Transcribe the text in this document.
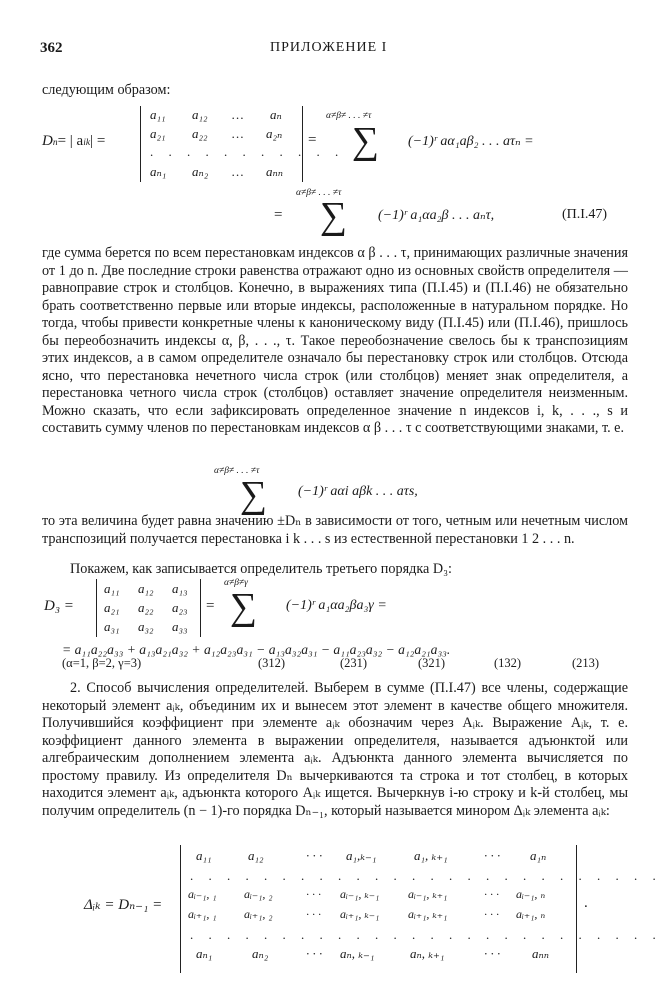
362	ПРИЛОЖЕНИЕ I
следующим образом:
Dn= | aik| =
a₁₁ a₁₂ … aₙ
a₂₁ a₂₂ … a₂ₙ
. . . . . . . . . . .
aₙ₁ aₙ₂ … aₙₙ
=
α≠β≠ . . . ≠τ
∑ (−1)ʳ aα₁aβ₂ . . . aτₙ =
α≠β≠ . . . ≠τ
= ∑ (−1)ʳ a₁αa₂β . . . aₙτ,	(П.I.47)
где сумма берется по всем перестановкам индексов α β . . . τ, принимающих различные значения от 1 до n. Две последние строки равенства отражают одно из основных свойств определителя — равноправие строк и столбцов. Конечно, в выражениях типа (П.I.45) и (П.I.46) не обязательно брать соответственно первые или вторые индексы, расположенные в натуральном порядке. Но тогда, чтобы привести конкретные члены к каноническому виду (П.I.45) или (П.I.46), пришлось бы переобозначить индексы α, β, . . ., τ. Такое переобозначение свелось бы к транспозициям этих индексов, а в самом определителе означало бы перестановку строк или столбцов. Отсюда ясно, что перестановка нечетного числа строк (или столбцов) меняет знак определителя, а перестановка четного числа строк (столбцов) оставляет значение определителя неизменным. Можно сказать, что если зафиксировать определенное значение n индексов i, k, . . ., s и составить сумму членов по перестановкам индексов α β . . . τ с соответствующими знаками, т. е.
α≠β≠ . . . ≠τ
∑ (−1)ʳ aαi aβk . . . aτs,
то эта величина будет равна значению ±Dₙ в зависимости от того, четным или нечетным числом транспозиций получается перестановка i k . . . s из естественной перестановки 1 2 . . . n.
Покажем, как записывается определитель третьего порядка D₃:
D₃ =
a₁₁ a₁₂ a₁₃
a₂₁ a₂₂ a₂₃
a₃₁ a₃₂ a₃₃
=
α≠β≠γ
∑ (−1)ʳ a₁αa₂βa₃γ =
= a₁₁a₂₂a₃₃ + a₁₃a₂₁a₃₂ + a₁₂a₂₃a₃₁ − a₁₃a₃₂a₃₁ − a₁₁a₂₃a₃₂ − a₁₂a₂₁a₃₃.
(α=1, β=2, γ=3)	(312)	(231)	(321)	(132)	(213)
2. Способ вычисления определителей. Выберем в сумме (П.I.47) все члены, содержащие некоторый элемент aᵢₖ, объединим их и вынесем этот элемент в качестве общего множителя. Получившийся коэффициент при элементе aᵢₖ обозначим через Aᵢₖ. Выражение Aᵢₖ, т. е. коэффициент данного элемента в выражении определителя, называется адъюнктой или алгебраическим дополнением элемента aᵢₖ. Адъюнкта данного элемента вычисляется по простому правилу. Из определителя Dₙ вычеркиваются та строка и тот столбец, в которых находится элемент aᵢₖ, адъюнкта которого Aᵢₖ ищется. Вычеркнув i-ю строку и k-й столбец, мы получим определитель (n − 1)-го порядка Dₙ₋₁, который называется минором Δᵢₖ элемента aᵢₖ:
Δᵢₖ = Dₙ₋₁ =	.
a₁₁	a₁₂	· · · a₁,ₖ₋₁	a₁, ₖ₊₁	· · · a₁ₙ
. . . . . . . . . . . . . . . . . . . . . . . . . .
aᵢ₋₁, ₁ aᵢ₋₁, ₂	· · · aᵢ₋₁, ₖ₋₁ aᵢ₋₁, ₖ₊₁	· · · aᵢ₋₁, ₙ
aᵢ₊₁, ₁ aᵢ₊₁, ₂	· · · aᵢ₊₁, ₖ₋₁ aᵢ₊₁, ₖ₊₁	· · · aᵢ₊₁, ₙ
. . . . . . . . . . . . . . . . . . . . . . . . . .
aₙ₁	aₙ₂	· · · aₙ, ₖ₋₁	aₙ, ₖ₊₁	· · · aₙₙ
